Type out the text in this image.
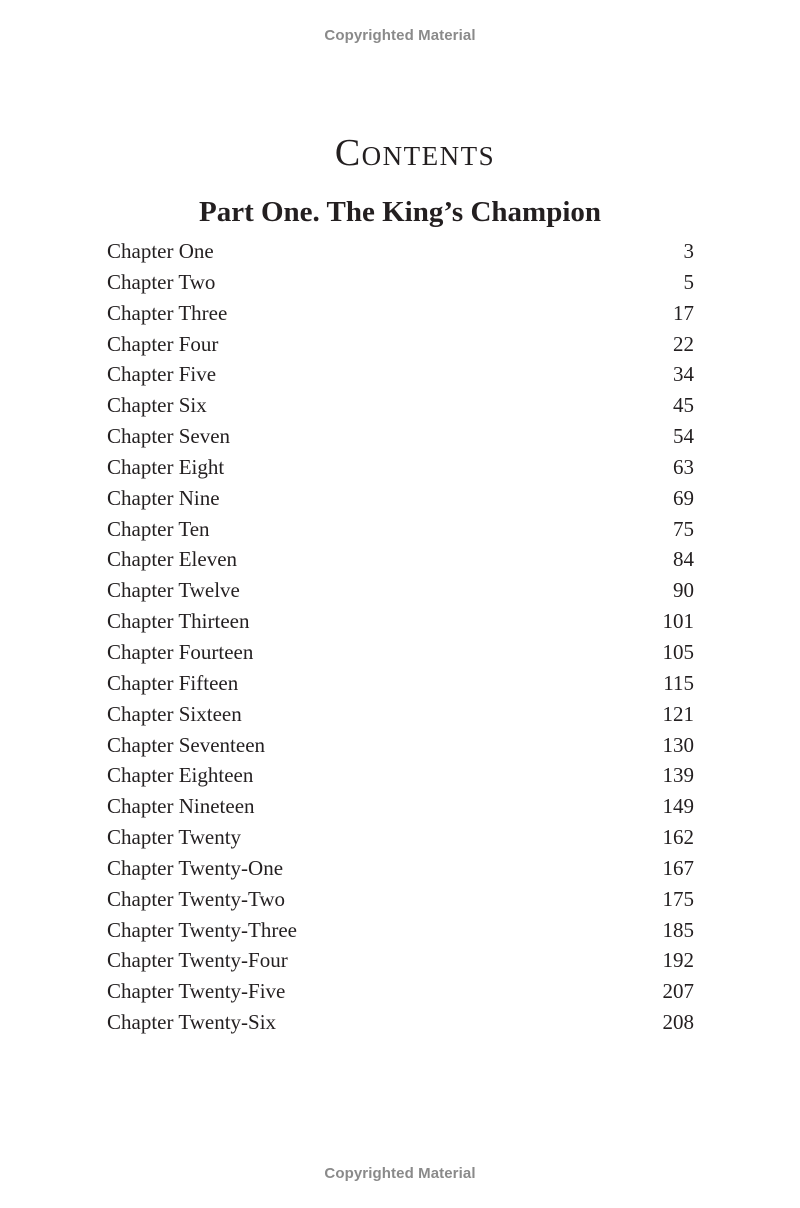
Copyrighted Material
Contents
Part One. The King’s Champion
Chapter One	3
Chapter Two	5
Chapter Three	17
Chapter Four	22
Chapter Five	34
Chapter Six	45
Chapter Seven	54
Chapter Eight	63
Chapter Nine	69
Chapter Ten	75
Chapter Eleven	84
Chapter Twelve	90
Chapter Thirteen	101
Chapter Fourteen	105
Chapter Fifteen	115
Chapter Sixteen	121
Chapter Seventeen	130
Chapter Eighteen	139
Chapter Nineteen	149
Chapter Twenty	162
Chapter Twenty-One	167
Chapter Twenty-Two	175
Chapter Twenty-Three	185
Chapter Twenty-Four	192
Chapter Twenty-Five	207
Chapter Twenty-Six	208
Copyrighted Material
